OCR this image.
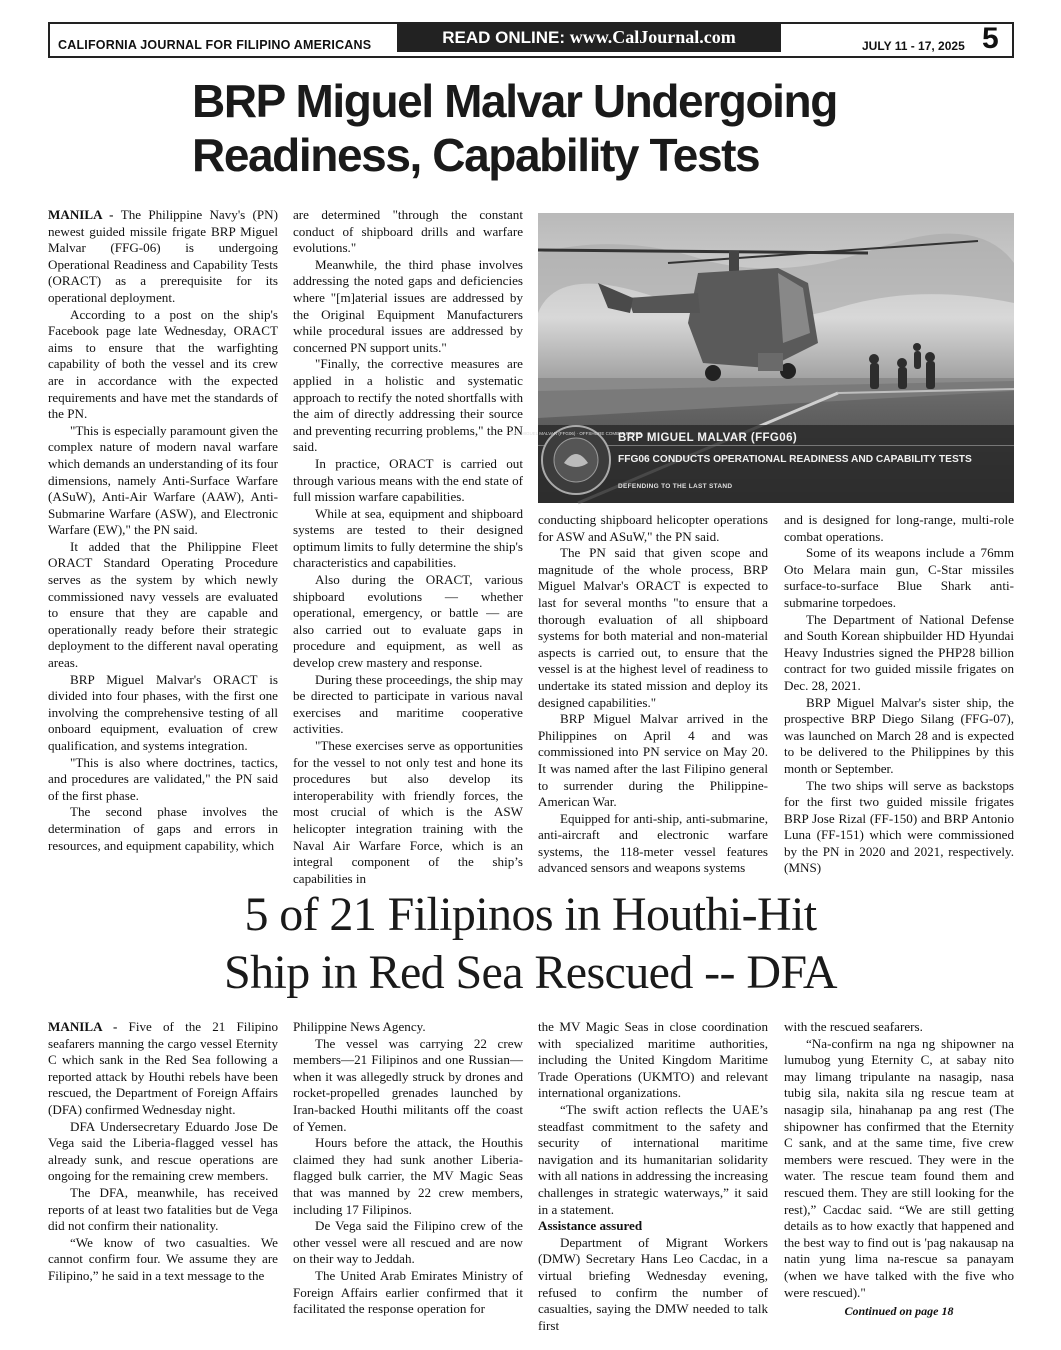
CALIFORNIA JOURNAL FOR FILIPINO AMERICANS	READ ONLINE: www.CalJournal.com	JULY 11 - 17, 2025 5
BRP Miguel Malvar Undergoing
Readiness, Capability Tests

MANILA - The Philippine Navy's (PN) newest guided missile frigate BRP Miguel Malvar (FFG-06) is undergoing Operational Readiness and Capability Tests (ORACT) as a prerequisite for its operational deployment.

According to a post on the ship's Facebook page late Wednesday, ORACT aims to ensure that the warfighting capability of both the vessel and its crew are in accordance with the expected requirements and have met the standards of the PN.

"This is especially paramount given the complex nature of modern naval warfare which demands an understanding of its four dimensions, namely Anti-Surface Warfare (ASuW), Anti-Air Warfare (AAW), Anti-Submarine Warfare (ASW), and Electronic Warfare (EW)," the PN said.

It added that the Philippine Fleet ORACT Standard Operating Procedure serves as the system by which newly commissioned navy vessels are evaluated to ensure that they are capable and operationally ready before their strategic deployment to the different naval operating areas.

BRP Miguel Malvar's ORACT is divided into four phases, with the first one involving the comprehensive testing of all onboard equipment, evaluation of crew qualification, and systems integration.

"This is also where doctrines, tactics, and procedures are validated," the PN said of the first phase.

The second phase involves the determination of gaps and errors in resources, and equipment capability, which

are determined "through the constant conduct of shipboard drills and warfare evolutions."

Meanwhile, the third phase involves addressing the noted gaps and deficiencies where "[m]aterial issues are addressed by the Original Equipment Manufacturers while procedural issues are addressed by concerned PN support units."

"Finally, the corrective measures are applied in a holistic and systematic approach to rectify the noted shortfalls with the aim of directly addressing their source and preventing recurring problems," the PN said.

In practice, ORACT is carried out through various means with the end state of full mission warfare capabilities.

While at sea, equipment and shipboard systems are tested to their designed optimum limits to fully determine the ship's characteristics and capabilities.

Also during the ORACT, various shipboard evolutions — whether operational, emergency, or battle — are also carried out to evaluate gaps in procedure and equipment, as well as develop crew mastery and response.

During these proceedings, the ship may be directed to participate in various naval exercises and maritime cooperative activities.

"These exercises serve as opportunities for the vessel to not only test and hone its procedures but also develop its interoperability with friendly forces, the most crucial of which is the ASW helicopter integration training with the Naval Air Warfare Force, which is an integral component of the ship’s capabilities in

BRP MIGUEL MALVAR (FFG06) · OFFSHORE COMBAT FORCE
BRP MIGUEL MALVAR (FFG06)
FFG06 CONDUCTS OPERATIONAL READINESS AND CAPABILITY TESTS
DEFENDING TO THE LAST STAND

conducting shipboard helicopter operations for ASW and ASuW," the PN said.

The PN said that given scope and magnitude of the whole process, BRP Miguel Malvar's ORACT is expected to last for several months "to ensure that a thorough evaluation of all shipboard systems for both material and non-material aspects is carried out, to ensure that the vessel is at the highest level of readiness to undertake its stated mission and deploy its designed capabilities."

BRP Miguel Malvar arrived in the Philippines on April 4 and was commissioned into PN service on May 20. It was named after the last Filipino general to surrender during the Philippine-American War.

Equipped for anti-ship, anti-submarine, anti-aircraft and electronic warfare systems, the 118-meter vessel features advanced sensors and weapons systems

and is designed for long-range, multi-role combat operations.

Some of its weapons include a 76mm Oto Melara main gun, C-Star missiles surface-to-surface Blue Shark anti-submarine torpedoes.

The Department of National Defense and South Korean shipbuilder HD Hyundai Heavy Industries signed the PHP28 billion contract for two guided missile frigates on Dec. 28, 2021.

BRP Miguel Malvar's sister ship, the prospective BRP Diego Silang (FFG-07), was launched on March 28 and is expected to be delivered to the Philippines by this month or September.

The two ships will serve as backstops for the first two guided missile frigates BRP Jose Rizal (FF-150) and BRP Antonio Luna (FF-151) which were commissioned by the PN in 2020 and 2021, respectively. (MNS)

5 of 21 Filipinos in Houthi-Hit
Ship in Red Sea Rescued -- DFA

MANILA - Five of the 21 Filipino seafarers manning the cargo vessel Eternity C which sank in the Red Sea following a reported attack by Houthi rebels have been rescued, the Department of Foreign Affairs (DFA) confirmed Wednesday night.

DFA Undersecretary Eduardo Jose De Vega said the Liberia-flagged vessel has already sunk, and rescue operations are ongoing for the remaining crew members.

The DFA, meanwhile, has received reports of at least two fatalities but de Vega did not confirm their nationality.

“We know of two casualties. We cannot confirm four. We assume they are Filipino,” he said in a text message to the

Philippine News Agency.

The vessel was carrying 22 crew members—21 Filipinos and one Russian—when it was allegedly struck by drones and rocket-propelled grenades launched by Iran-backed Houthi militants off the coast of Yemen.

Hours before the attack, the Houthis claimed they had sunk another Liberia-flagged bulk carrier, the MV Magic Seas that was manned by 22 crew members, including 17 Filipinos.

De Vega said the Filipino crew of the other vessel were all rescued and are now on their way to Jeddah.

The United Arab Emirates Ministry of Foreign Affairs earlier confirmed that it facilitated the response operation for

the MV Magic Seas in close coordination with specialized maritime authorities, including the United Kingdom Maritime Trade Operations (UKMTO) and relevant international organizations.

“The swift action reflects the UAE’s steadfast commitment to the safety and security of international maritime navigation and its humanitarian solidarity with all nations in addressing the increasing challenges in strategic waterways,” it said in a statement.

Assistance assured

Department of Migrant Workers (DMW) Secretary Hans Leo Cacdac, in a virtual briefing Wednesday evening, refused to confirm the number of casualties, saying the DMW needed to talk first

with the rescued seafarers.

“Na-confirm na nga ng shipowner na lumubog yung Eternity C, at sabay nito may limang tripulante na nasagip, nasa tubig sila, nakita sila ng rescue team at nasagip sila, hinahanap pa ang rest (The shipowner has confirmed that the Eternity C sank, and at the same time, five crew members were rescued. They were in the water. The rescue team found them and rescued them. They are still looking for the rest),” Cacdac said. “We are still getting details as to how exactly that happened and the best way to find out is 'pag nakausap na natin yung lima na-rescue sa panayam (when we have talked with the five who were rescued)."

Continued on page 18
